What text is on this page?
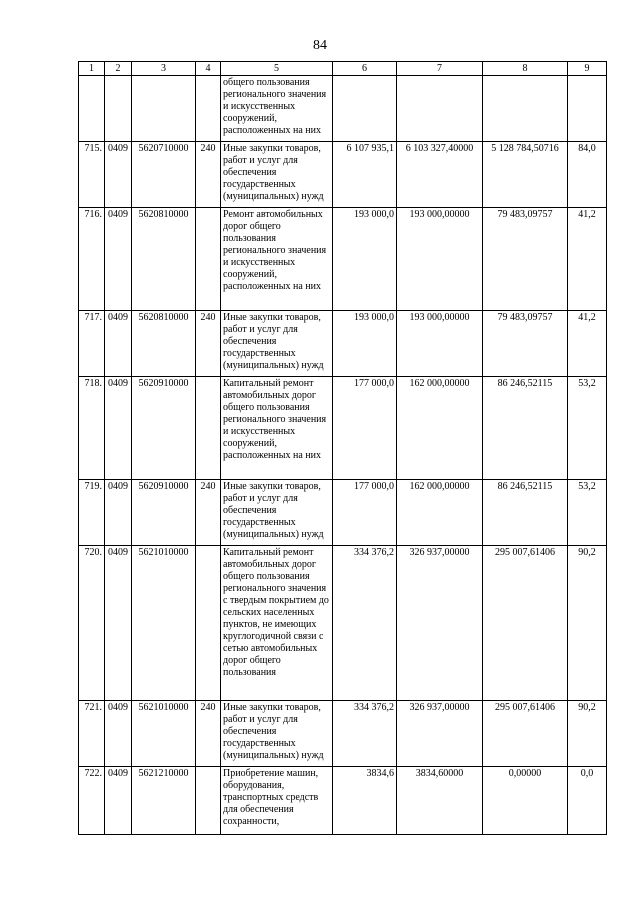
84
1	2	3	4	5	6	7	8	9
				общего пользования регионального значения и искусственных сооружений, расположенных на них				
715.	0409	5620710000	240	Иные закупки товаров, работ и услуг для обеспечения государственных (муниципальных) нужд	6 107 935,1	6 103 327,40000	5 128 784,50716	84,0
716.	0409	5620810000		Ремонт автомобильных дорог общего пользования регионального значения и искусственных сооружений, расположенных на них	193 000,0	193 000,00000	79 483,09757	41,2
717.	0409	5620810000	240	Иные закупки товаров, работ и услуг для обеспечения государственных (муниципальных) нужд	193 000,0	193 000,00000	79 483,09757	41,2
718.	0409	5620910000		Капитальный ремонт автомобильных дорог общего пользования регионального значения и искусственных сооружений, расположенных на них	177 000,0	162 000,00000	86 246,52115	53,2
719.	0409	5620910000	240	Иные закупки товаров, работ и услуг для обеспечения государственных (муниципальных) нужд	177 000,0	162 000,00000	86 246,52115	53,2
720.	0409	5621010000		Капитальный ремонт автомобильных дорог общего пользования регионального значения с твердым покрытием до сельских населенных пунктов, не имеющих круглогодичной связи с сетью автомобильных дорог общего пользования	334 376,2	326 937,00000	295 007,61406	90,2
721.	0409	5621010000	240	Иные закупки товаров, работ и услуг для обеспечения государственных (муниципальных) нужд	334 376,2	326 937,00000	295 007,61406	90,2
722.	0409	5621210000		Приобретение машин, оборудования, транспортных средств для обеспечения сохранности,	3834,6	3834,60000	0,00000	0,0
